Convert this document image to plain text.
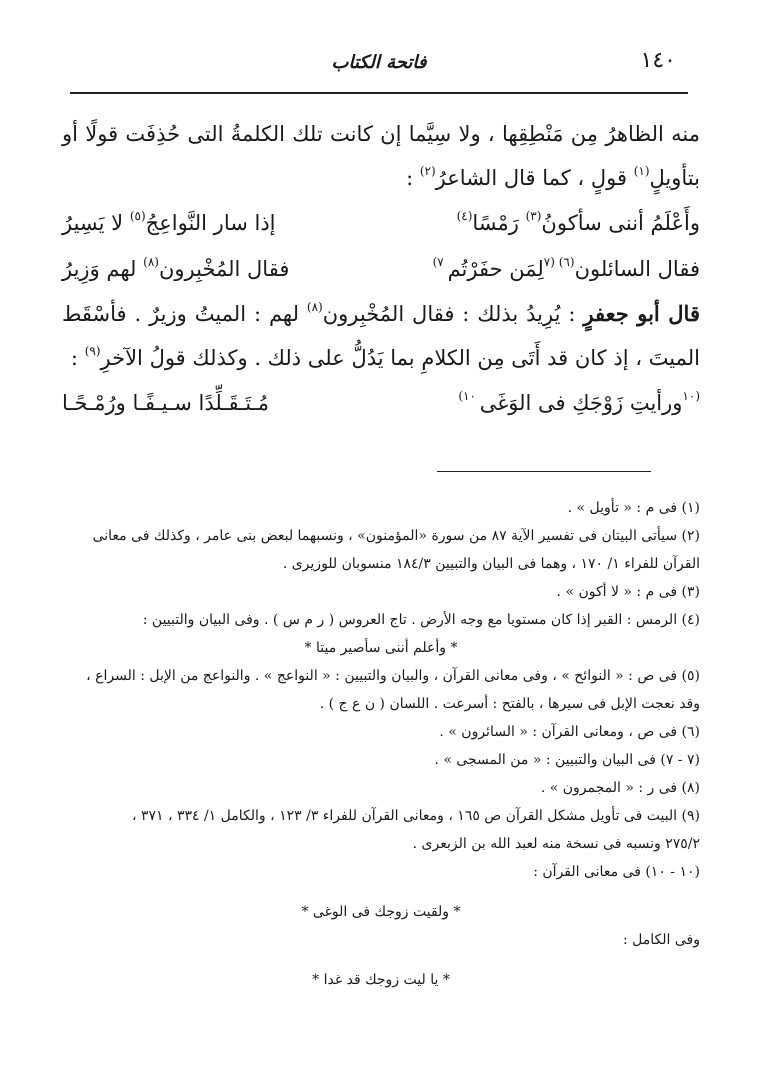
١٤٠
فاتحة الكتاب
منه الظاهرُ مِن مَنْطِقِها ، ولا سِيَّما إن كانت تلك الكلمةُ التى حُذِفَت قولًا أو
بتأويلٍ$^{(١)}$ قولٍ ، كما قال الشاعرُ$^{(٢)}$ :
وأَعْلَمُ أننى سأكونُ$^{(٣)}$ رَمْسًا$^{(٤)}$
إذا سار النَّواعِجُ$^{(٥)}$ لا يَسِيرُ
فقال السائلون$^{(٦)}$ $^{(٧}$لِمَن حفَرْتُم $^{٧)}$
فقال المُخْبِرون$^{(٨)}$ لهم وَزِيرُ
قال أبو جعفرٍ : يُرِيدُ بذلك : فقال المُخْبِرون$^{(٨)}$ لهم : الميتُ وزيرٌ . فأسْقَط
الميتَ ، إذ كان قد أَتَى مِن الكلامِ بما يَدُلُّ على ذلك . وكذلك قولُ الآخرِ$^{(٩)}$ :
$^{(١٠}$ورأيتِ زَوْجَكِ فى الوَغَى $^{١٠)}$
مُـتَـقَـلِّدًا سـيـفًـا ورُمْـحًـا
(١) فى م : « تأويل » .
(٢) سيأتى البيتان فى تفسير الآية ٨٧ من سورة «المؤمنون» ، ونسبهما لبعض بنى عامر ، وكذلك فى معانى
القرآن للفراء ١/ ١٧٠ ، وهما فى البيان والتبيين ١٨٤/٣ منسوبان للوزيرى .
(٣) فى م : « لا أكون » .
(٤) الرمس : القبر إذا كان مستويا مع وجه الأرض . تاج العروس ( ر م س ) . وفى البيان والتبيين :
* وأعلم أننى سأصير ميتا *
(٥) فى ص : « النوائح » ، وفى معانى القرآن ، والبيان والتبيين : « النواعج » . والنواعج من الإبل : السراع ،
وقد نعجت الإبل فى سيرها ، بالفتح : أسرعت . اللسان ( ن ع ج ) .
(٦) فى ص ، ومعانى القرآن : « السائرون » .
(٧ - ٧) فى البيان والتبيين : « من المسجى » .
(٨) فى ر : « المجمرون » .
(٩) البيت فى تأويل مشكل القرآن ص ١٦٥ ، ومعانى القرآن للفراء ٣/ ١٢٣ ، والكامل ١/ ٣٣٤ ، ٣٧١ ،
٢٧٥/٢ ونسبه فى نسخة منه لعبد الله بن الزبعرى .
(١٠ - ١٠) فى معانى القرآن :
* ولقيت زوجك فى الوغى *
وفى الكامل :
* يا ليت زوجك قد غدا *
